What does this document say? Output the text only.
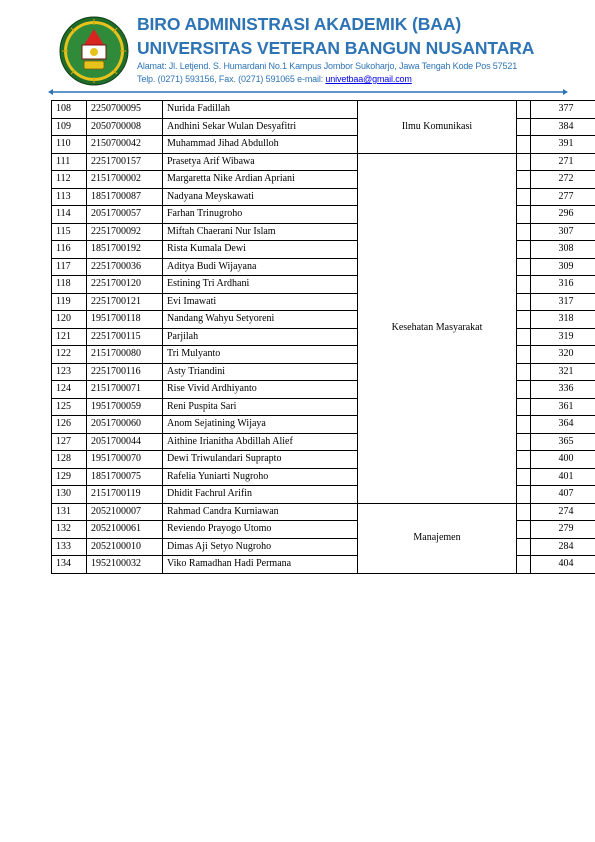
BIRO ADMINISTRASI AKADEMIK (BAA)
UNIVERSITAS VETERAN BANGUN NUSANTARA
Alamat: Jl. Letjend. S. Humardani No.1 Kampus Jombor Sukoharjo, Jawa Tengah Kode Pos 57521
Telp. (0271) 593156, Fax. (0271) 591065 e-mail: univetbaa@gmail.com
108	2250700095	Nurida Fadillah	Ilmu Komunikasi		377
109	2050700008	Andhini Sekar Wulan Desyafitri			384
110	2150700042	Muhammad Jihad Abdulloh			391
111	2251700157	Prasetya Arif Wibawa	Kesehatan Masyarakat		271
112	2151700002	Margaretta Nike Ardian Apriani			272
113	1851700087	Nadyana Meyskawati			277
114	2051700057	Farhan Trinugroho			296
115	2251700092	Miftah Chaerani Nur Islam			307
116	1851700192	Rista Kumala Dewi			308
117	2251700036	Aditya Budi Wijayana			309
118	2251700120	Estining Tri Ardhani			316
119	2251700121	Evi Imawati			317
120	1951700118	Nandang Wahyu Setyoreni			318
121	2251700115	Parjilah			319
122	2151700080	Tri Mulyanto			320
123	2251700116	Asty Triandini			321
124	2151700071	Rise Vivid Ardhiyanto			336
125	1951700059	Reni Puspita Sari			361
126	2051700060	Anom Sejatining Wijaya			364
127	2051700044	Aithine Irianitha Abdillah Alief			365
128	1951700070	Dewi Triwulandari Suprapto			400
129	1851700075	Rafelia Yuniarti Nugroho			401
130	2151700119	Dhidit Fachrul Arifin			407
131	2052100007	Rahmad Candra Kurniawan	Manajemen		274
132	2052100061	Reviendo Prayogo Utomo			279
133	2052100010	Dimas Aji Setyo Nugroho			284
134	1952100032	Viko Ramadhan Hadi Permana			404
